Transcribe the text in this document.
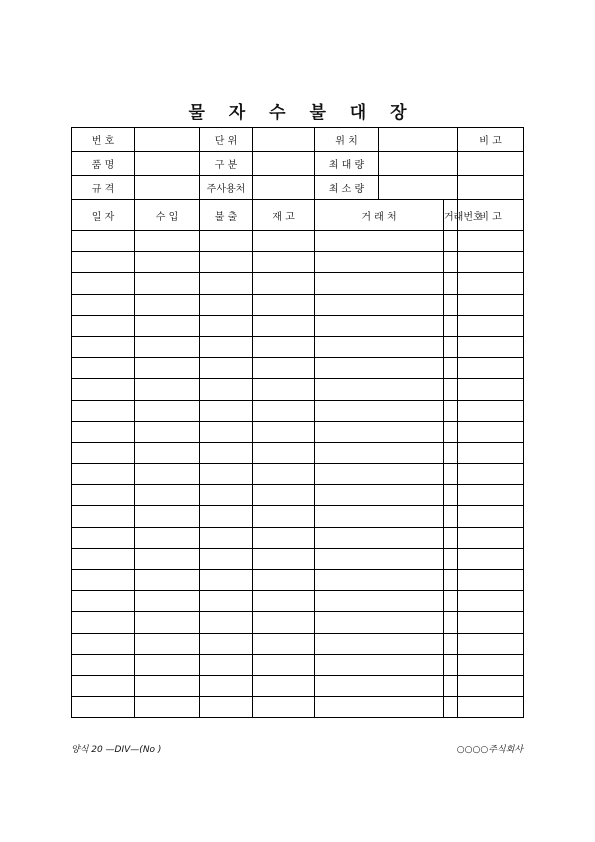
물 자 수 불 대 장
번 호		단 위		위 치			비 고
품 명		구 분		최 대 량			
규 격		주사용처		최 소 량			
일 자	수 입	불 출	재 고	거 래 처		거래번호	비 고

양식 20 —DIV—(No )	○○○○주식회사
